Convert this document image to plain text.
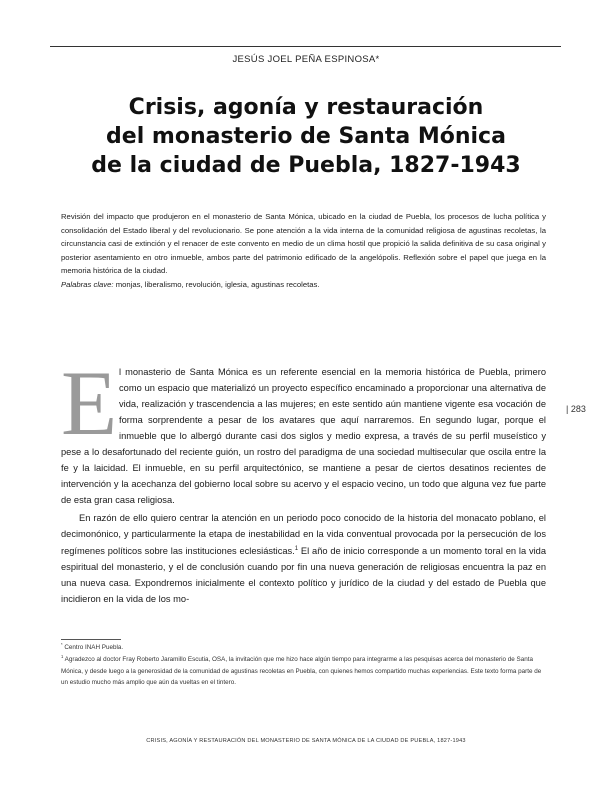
JESÚS JOEL PEÑA ESPINOSA*
Crisis, agonía y restauración
del monasterio de Santa Mónica
de la ciudad de Puebla, 1827-1943
Revisión del impacto que produjeron en el monasterio de Santa Mónica, ubicado en la ciudad de Puebla, los procesos de lucha política y consolidación del Estado liberal y del revolucionario. Se pone atención a la vida interna de la comunidad religiosa de agustinas recoletas, la circunstancia casi de extinción y el renacer de este convento en medio de un clima hostil que propició la salida definitiva de su casa original y posterior asentamiento en otro inmueble, ambos parte del patrimonio edificado de la angelópolis. Reflexión sobre el papel que juega en la memoria histórica de la ciudad.
Palabras clave: monjas, liberalismo, revolución, iglesia, agustinas recoletas.

El monasterio de Santa Mónica es un referente esencial en la memoria histórica de Puebla, primero como un espacio que materializó un proyecto específico encaminado a proporcionar una alternativa de vida, realización y trascendencia a las mujeres; en este sentido aún mantiene vigente esa vocación de forma sorprendente a pesar de los avatares que aquí narraremos. En segundo lugar, porque el inmueble que lo albergó durante casi dos siglos y medio expresa, a través de su perfil museístico y pese a lo desafortunado del reciente guión, un rostro del paradigma de una sociedad multisecular que oscila entre la fe y la laicidad. El inmueble, en su perfil arquitectónico, se mantiene a pesar de ciertos desatinos recientes de intervención y la acechanza del gobierno local sobre su acervo y el espacio vecino, un todo que alguna vez fue parte de esta gran casa religiosa.

En razón de ello quiero centrar la atención en un periodo poco conocido de la historia del monacato poblano, el decimonónico, y particularmente la etapa de inestabilidad en la vida conventual provocada por la persecución de los regímenes políticos sobre las instituciones eclesiásticas.$^1$ El año de inicio corresponde a un momento toral en la vida espiritual del monasterio, y el de conclusión cuando por fin una nueva generación de religiosas encuentra la paz en una nueva casa. Expondremos inicialmente el contexto político y jurídico de la ciudad y del estado de Puebla que incidieron en la vida de los mo-

| 283

* Centro INAH Puebla.

$^1$ Agradezco al doctor Fray Roberto Jaramillo Escutia, OSA, la invitación que me hizo hace algún tiempo para integrarme a las pesquisas acerca del monasterio de Santa Mónica, y desde luego a la generosidad de la comunidad de agustinas recoletas en Puebla, con quienes hemos compartido muchas experiencias. Este texto forma parte de un estudio mucho más amplio que aún da vueltas en el tintero.

CRISIS, AGONÍA Y RESTAURACIÓN DEL MONASTERIO DE SANTA MÓNICA DE LA CIUDAD DE PUEBLA, 1827-1943
